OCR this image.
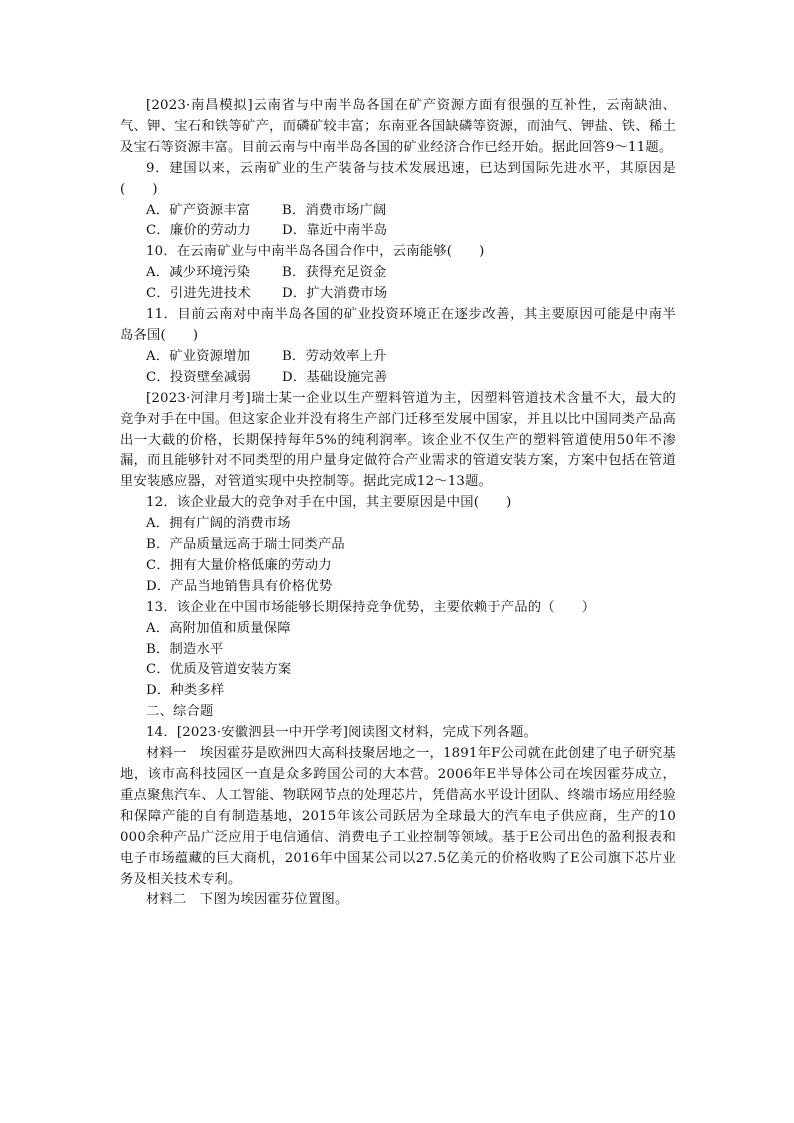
[2023·南昌模拟]云南省与中南半岛各国在矿产资源方面有很强的互补性，云南缺油、气、钾、宝石和铁等矿产，而磷矿较丰富；东南亚各国缺磷等资源，而油气、钾盐、铁、稀土及宝石等资源丰富。目前云南与中南半岛各国的矿业经济合作已经开始。据此回答9～11题。

9．建国以来，云南矿业的生产装备与技术发展迅速，已达到国际先进水平，其原因是(　　)

A．矿产资源丰富	B．消费市场广阔
C．廉价的劳动力	D．靠近中南半岛

10．在云南矿业与中南半岛各国合作中，云南能够(　　)

A．减少环境污染	B．获得充足资金
C．引进先进技术	D．扩大消费市场

11．目前云南对中南半岛各国的矿业投资环境正在逐步改善，其主要原因可能是中南半岛各国(　　)

A．矿业资源增加	B．劳动效率上升
C．投资壁垒减弱	D．基础设施完善

[2023·河津月考]瑞士某一企业以生产塑料管道为主，因塑料管道技术含量不大，最大的竞争对手在中国。但这家企业并没有将生产部门迁移至发展中国家，并且以比中国同类产品高出一大截的价格，长期保持每年5%的纯利润率。该企业不仅生产的塑料管道使用50年不渗漏，而且能够针对不同类型的用户量身定做符合产业需求的管道安装方案，方案中包括在管道里安装感应器，对管道实现中央控制等。据此完成12～13题。

12．该企业最大的竞争对手在中国，其主要原因是中国(　　)

A．拥有广阔的消费市场

B．产品质量远高于瑞士同类产品

C．拥有大量价格低廉的劳动力

D．产品当地销售具有价格优势

13．该企业在中国市场能够长期保持竞争优势，主要依赖于产品的（　　）

A．高附加值和质量保障

B．制造水平

C．优质及管道安装方案

D．种类多样

二、综合题

14．[2023·安徽泗县一中开学考]阅读图文材料，完成下列各题。

材料一　埃因霍芬是欧洲四大高科技聚居地之一，1891年F公司就在此创建了电子研究基地，该市高科技园区一直是众多跨国公司的大本营。2006年E半导体公司在埃因霍芬成立，重点聚焦汽车、人工智能、物联网节点的处理芯片，凭借高水平设计团队、终端市场应用经验和保障产能的自有制造基地，2015年该公司跃居为全球最大的汽车电子供应商，生产的10 000余种产品广泛应用于电信通信、消费电子工业控制等领域。基于E公司出色的盈利报表和电子市场蕴藏的巨大商机，2016年中国某公司以27.5亿美元的价格收购了E公司旗下芯片业务及相关技术专利。

材料二　下图为埃因霍芬位置图。
